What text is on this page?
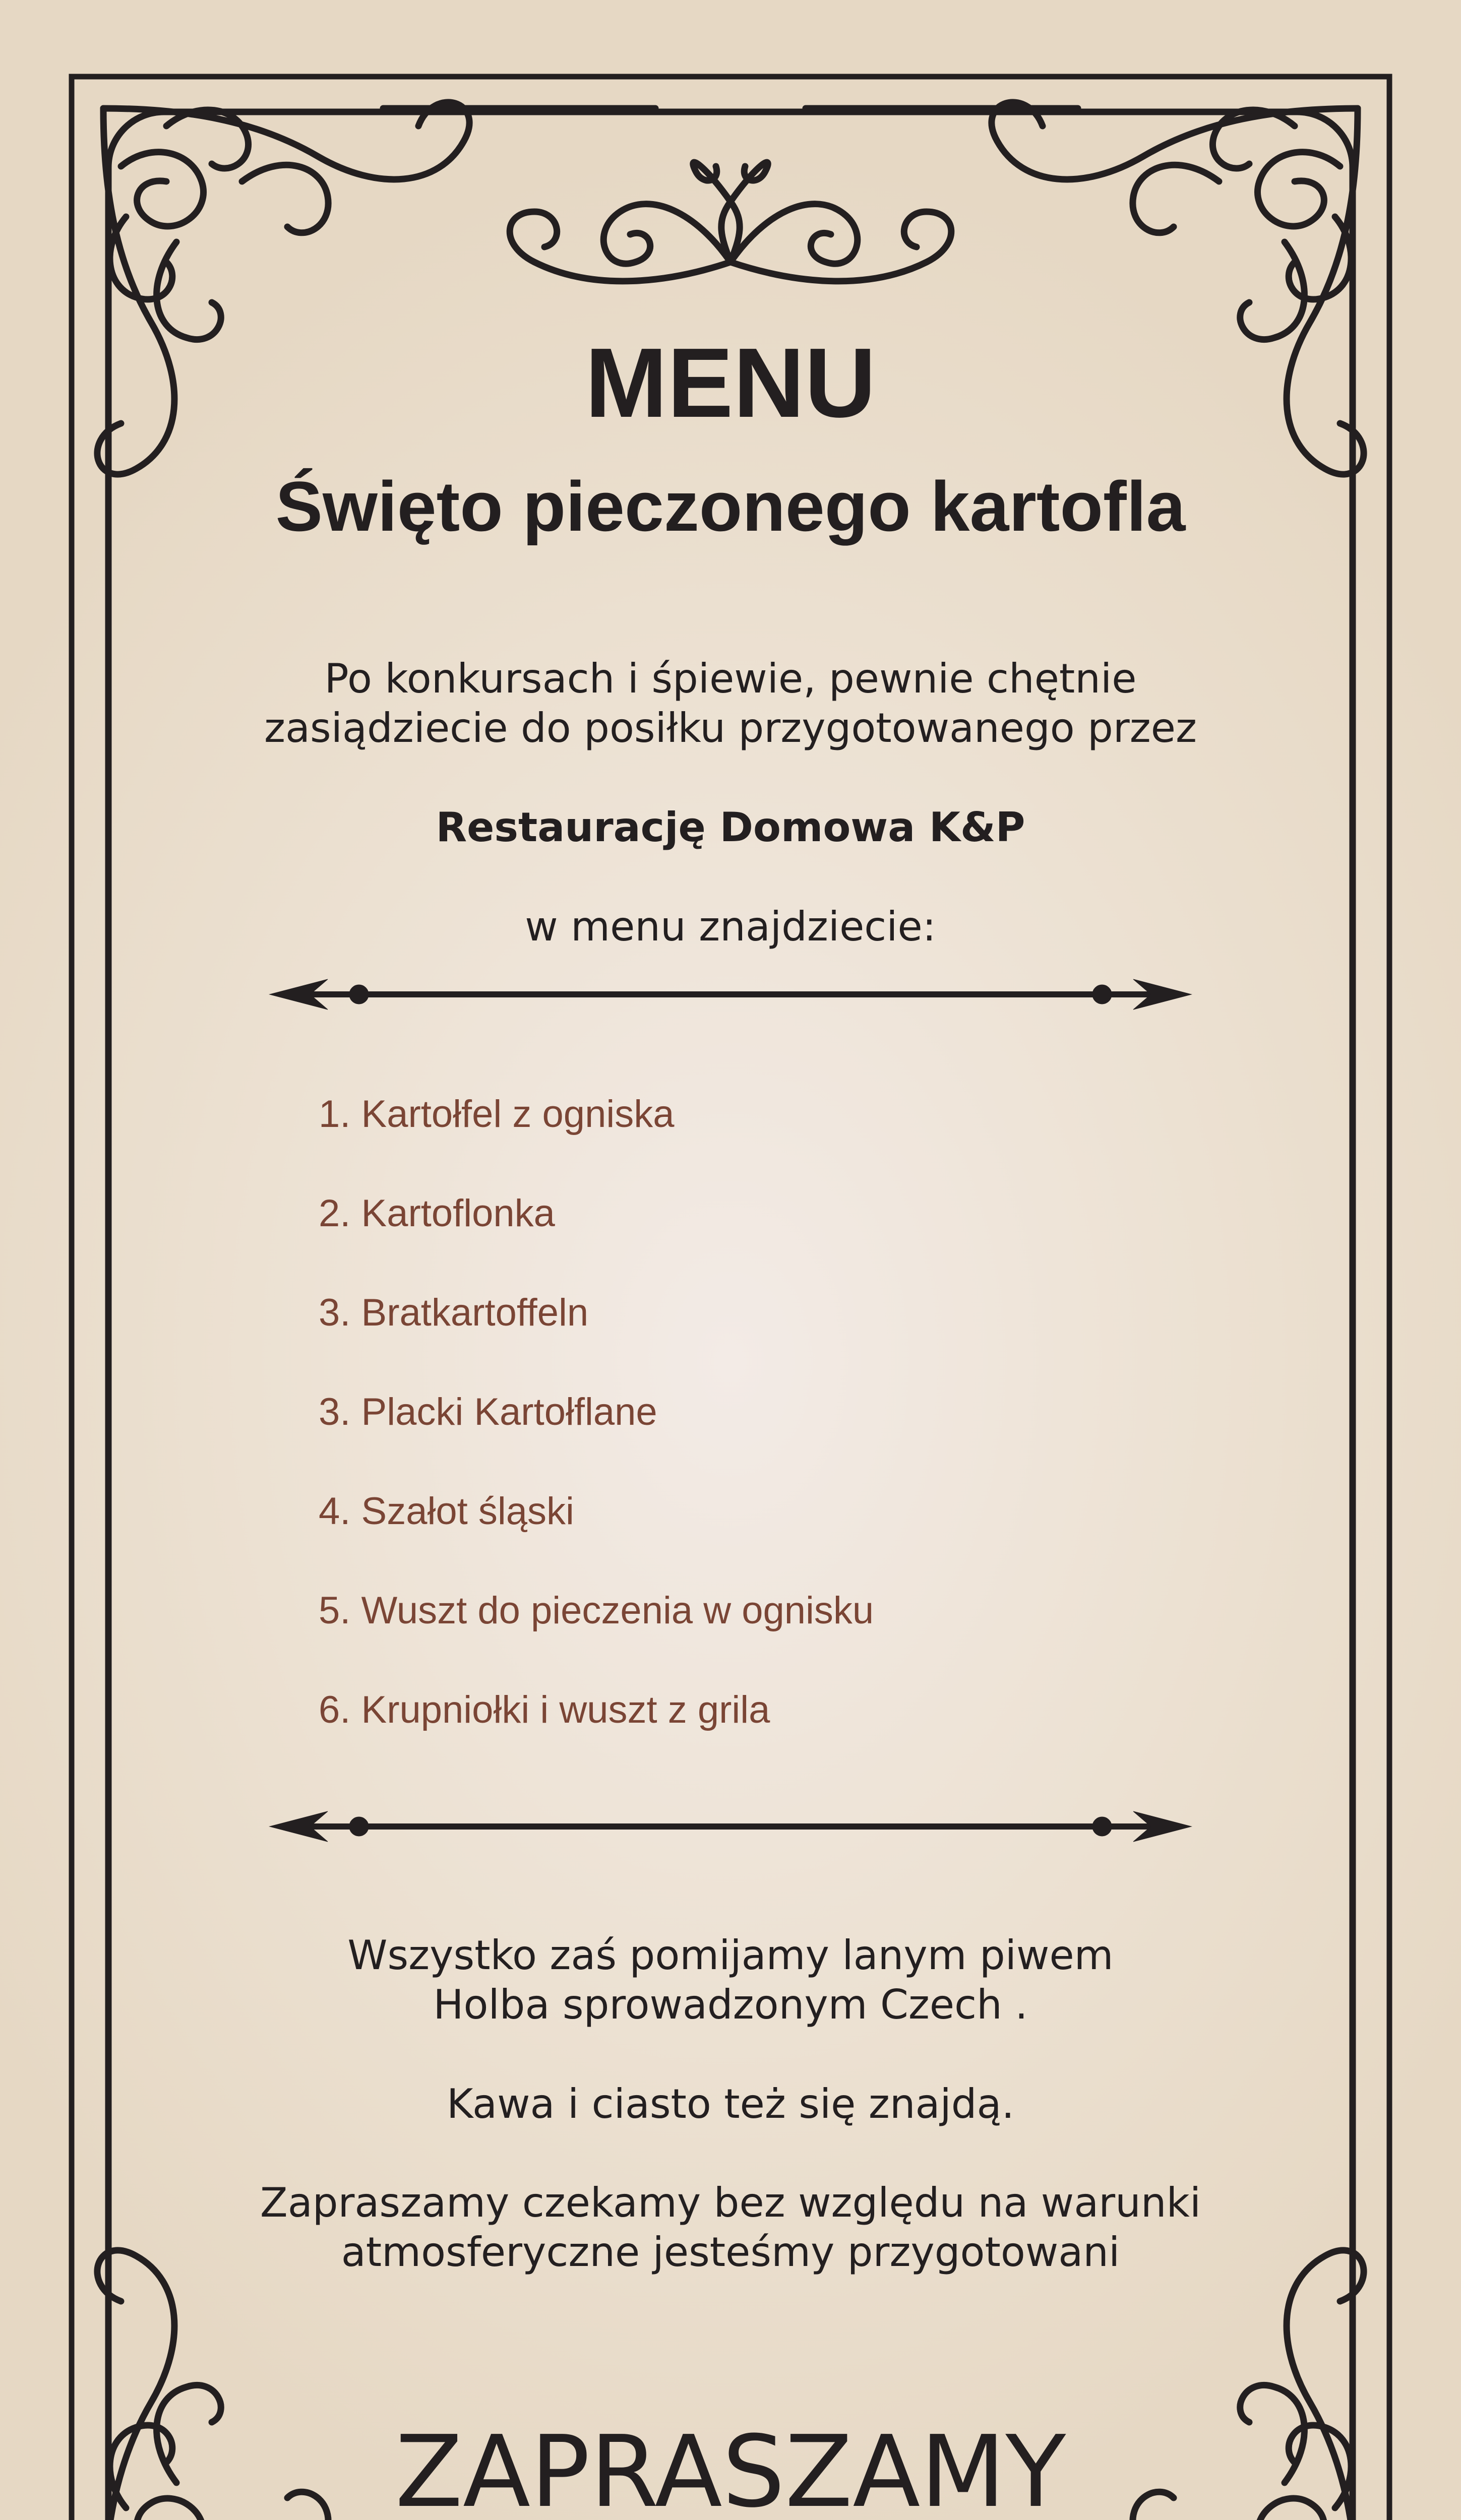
MENU
Święto pieczonego kartofla

Po konkursach i śpiewie, pewnie chętnie

zasiądziecie do posiłku przygotowanego przez

Restaurację Domowa K&P

w menu znajdziecie:

1. Kartołfel z ogniska
2. Kartoflonka
3. Bratkartoffeln
3. Placki Kartołflane
4. Szałot śląski
5. Wuszt do pieczenia w ognisku
6. Krupniołki i wuszt z grila

Wszystko zaś pomijamy lanym piwem

Holba sprowadzonym Czech .

Kawa i ciasto też się znajdą.

Zapraszamy czekamy bez względu na warunki

atmosferyczne jesteśmy przygotowani

ZAPRASZAMY
